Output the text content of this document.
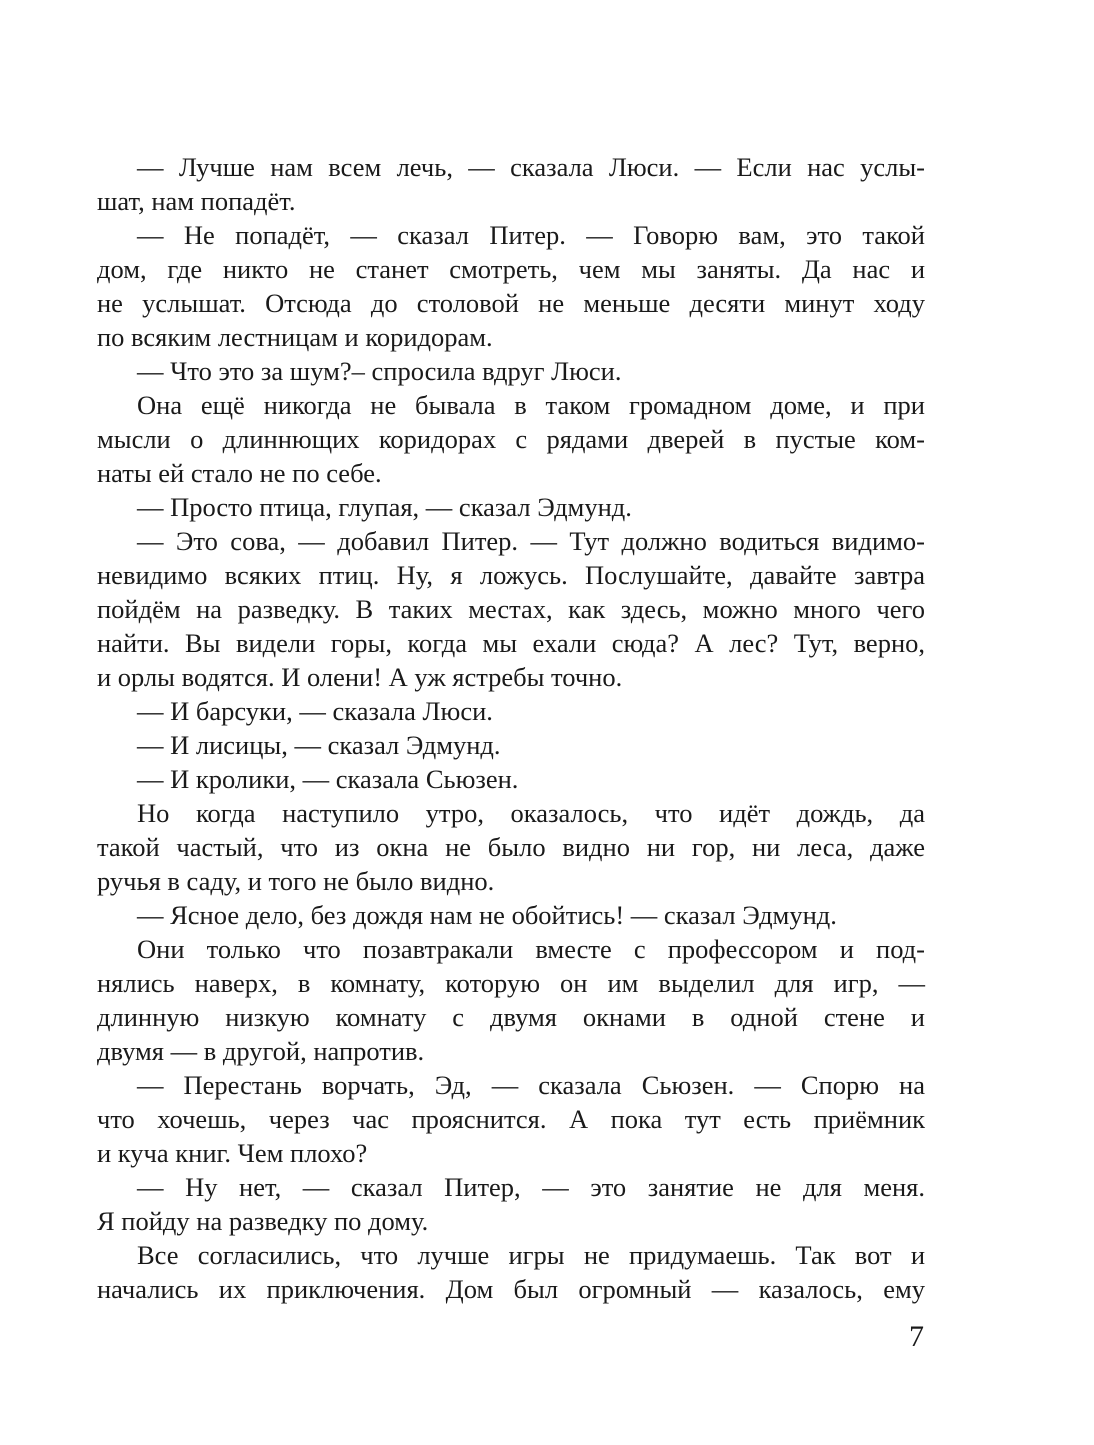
— Лучше нам всем лечь, — сказала Люси. — Если нас услы-
шат, нам попадёт.
— Не попадёт, — сказал Питер. — Говорю вам, это такой
дом, где никто не станет смотреть, чем мы заняты. Да нас и
не услышат. Отсюда до столовой не меньше десяти минут ходу
по всяким лестницам и коридорам.
— Что это за шум?– спросила вдруг Люси.
Она ещё никогда не бывала в таком громадном доме, и при
мысли о длиннющих коридорах с рядами дверей в пустые ком-
наты ей стало не по себе.
— Просто птица, глупая, — сказал Эдмунд.
— Это сова, — добавил Питер. — Тут должно водиться видимо-
невидимо всяких птиц. Ну, я ложусь. Послушайте, давайте завтра
пойдём на разведку. В таких местах, как здесь, можно много чего
найти. Вы видели горы, когда мы ехали сюда? А лес? Тут, верно,
и орлы водятся. И олени! А уж ястребы точно.
— И барсуки, — сказала Люси.
— И лисицы, — сказал Эдмунд.
— И кролики, — сказала Сьюзен.
Но когда наступило утро, оказалось, что идёт дождь, да
такой частый, что из окна не было видно ни гор, ни леса, даже
ручья в саду, и того не было видно.
— Ясное дело, без дождя нам не обойтись! — сказал Эдмунд.
Они только что позавтракали вместе с профессором и под-
нялись наверх, в комнату, которую он им выделил для игр, —
длинную низкую комнату с двумя окнами в одной стене и
двумя — в другой, напротив.
— Перестань ворчать, Эд, — сказала Сьюзен. — Спорю на
что хочешь, через час прояснится. А пока тут есть приёмник
и куча книг. Чем плохо?
— Ну нет, — сказал Питер, — это занятие не для меня.
Я пойду на разведку по дому.
Все согласились, что лучше игры не придумаешь. Так вот и
начались их приключения. Дом был огромный — казалось, ему
7
